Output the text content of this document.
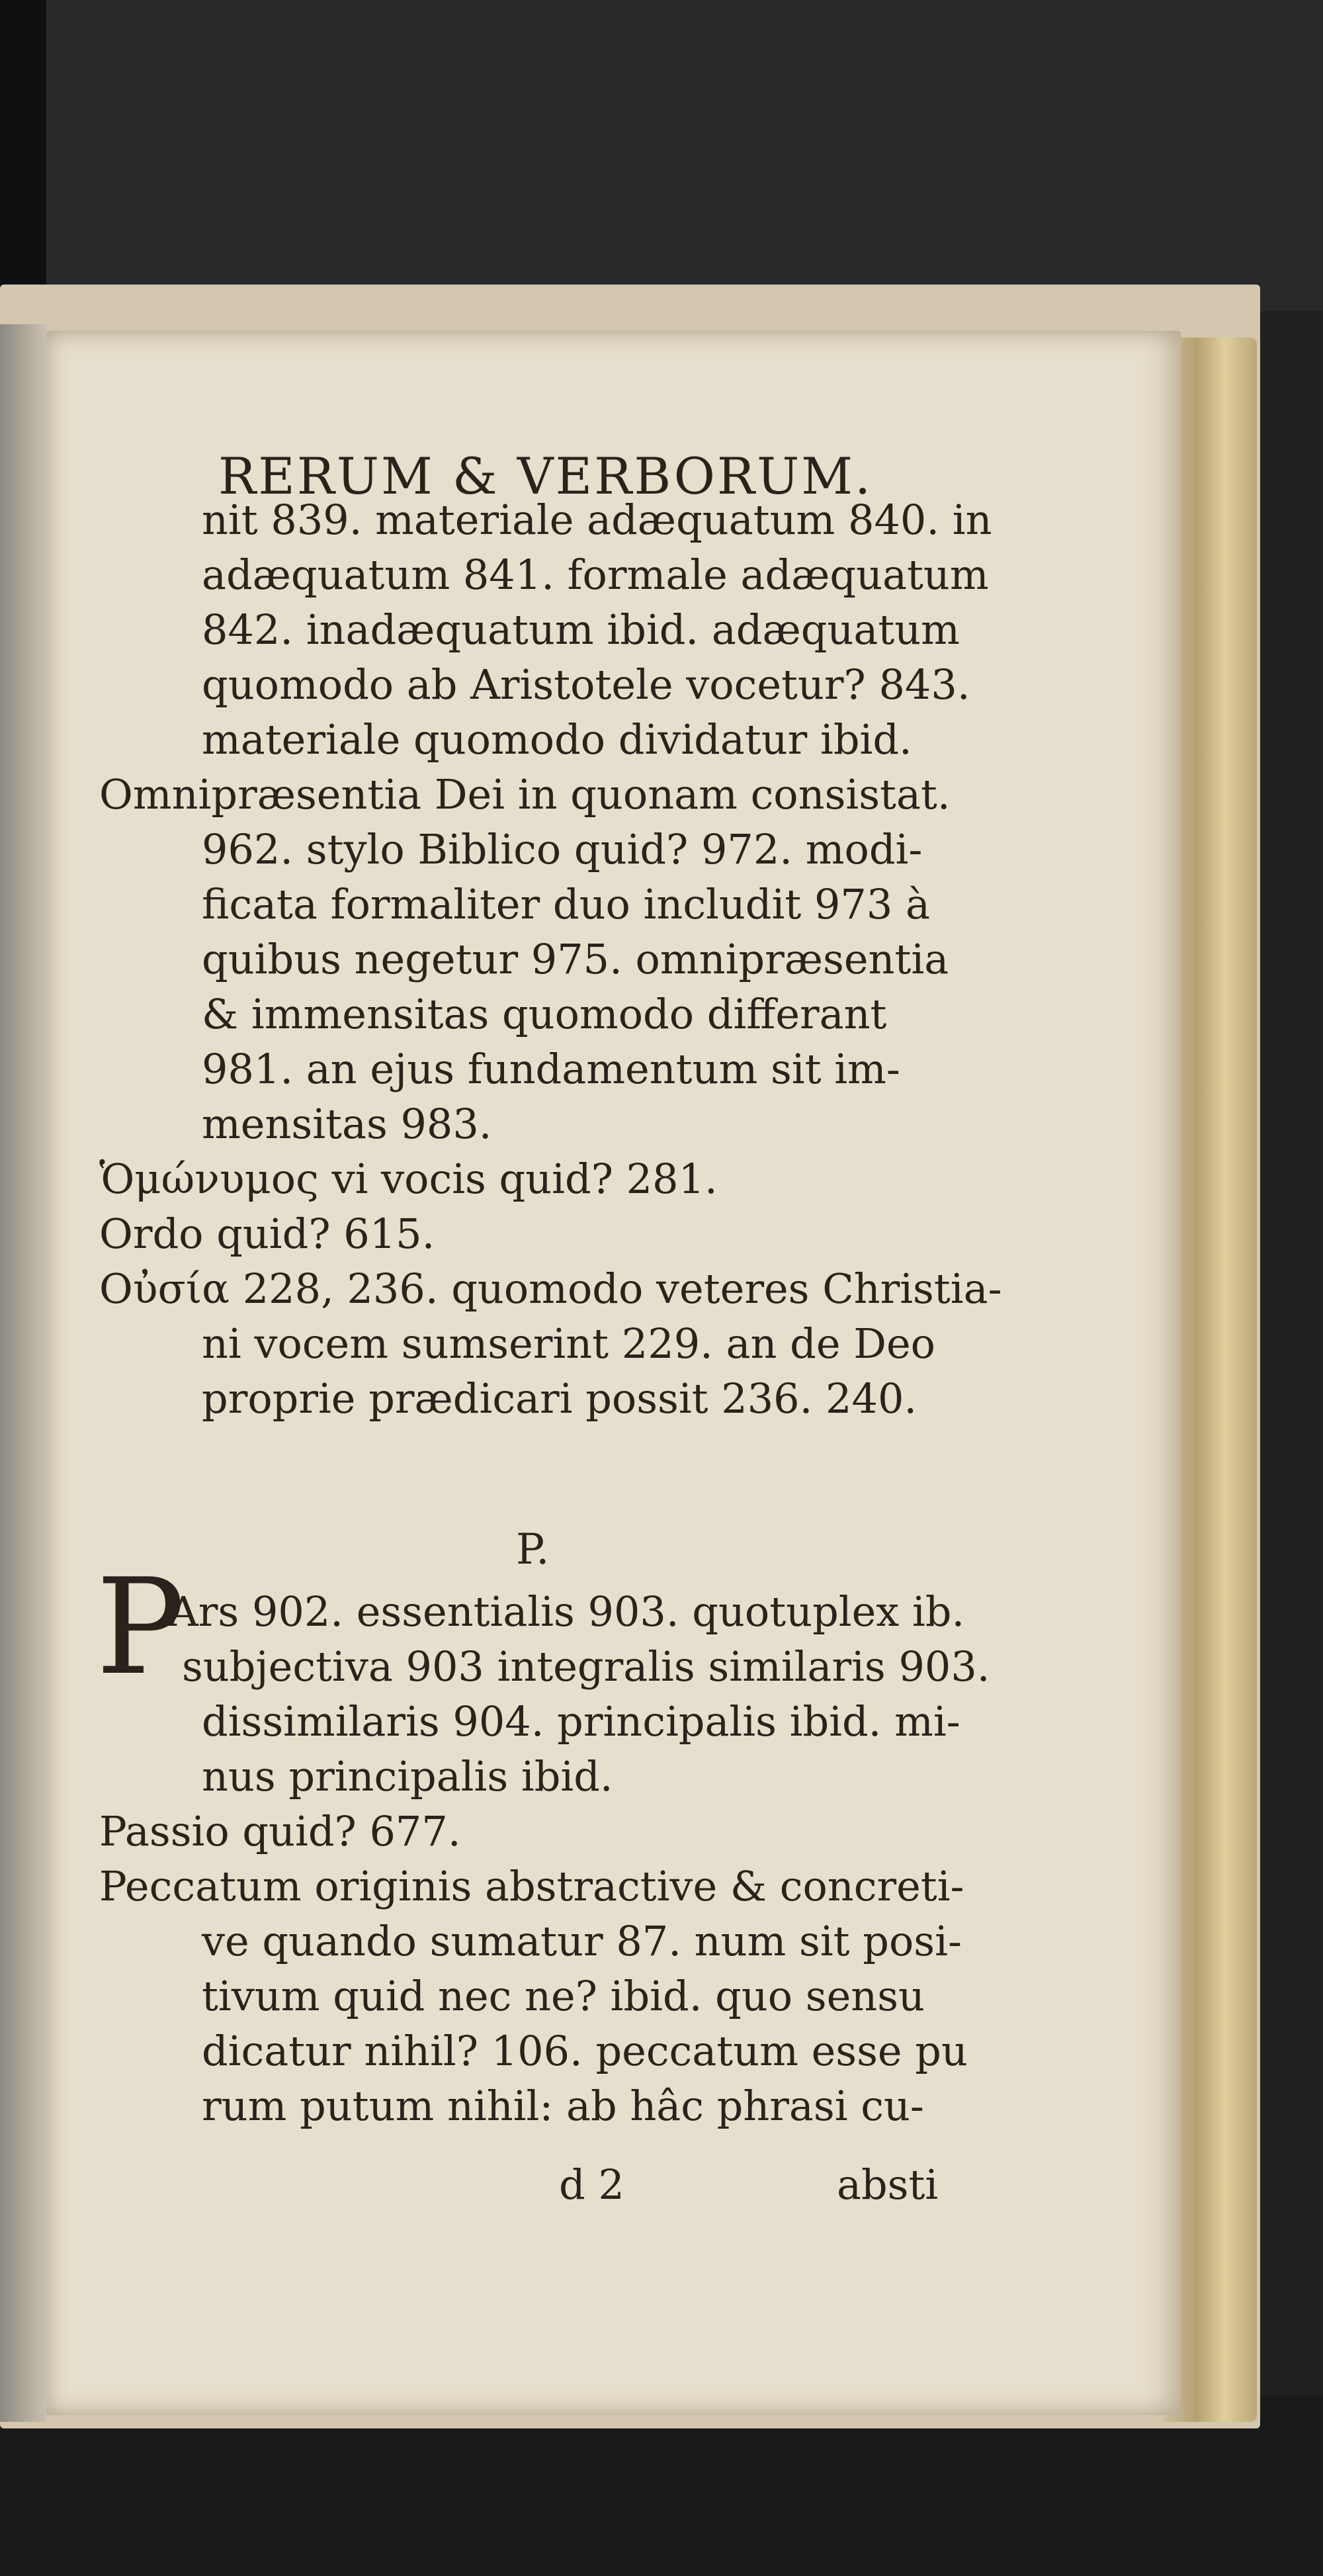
RERUM & VERBORUM.
nit 839. materiale adæquatum 840. in
adæquatum 841. formale adæquatum
842. inadæquatum ibid. adæquatum
quomodo ab Aristotele vocetur? 843.
materiale quomodo dividatur ibid.
Omnipræsentia Dei in quonam consistat.
962. stylo Biblico quid? 972. modi-
ficata formaliter duo includit 973 à
quibus negetur 975. omnipræsentia
& immensitas quomodo differant
981. an ejus fundamentum sit im-
mensitas 983.
Ὁμώνυμος vi vocis quid? 281.
Ordo quid? 615.
Οὐσία 228, 236. quomodo veteres Christia-
ni vocem sumserint 229. an de Deo
proprie prædicari possit 236. 240.
P.
P
Ars 902. essentialis 903. quotuplex ib.
subjectiva 903 integralis similaris 903.
dissimilaris 904. principalis ibid. mi-
nus principalis ibid.
Passio quid? 677.
Peccatum originis abstractive & concreti-
ve quando sumatur 87. num sit posi-
tivum quid nec ne? ibid. quo sensu
dicatur nihil? 106. peccatum esse pu
rum putum nihil: ab hâc phrasi cu-
d 2	absti
